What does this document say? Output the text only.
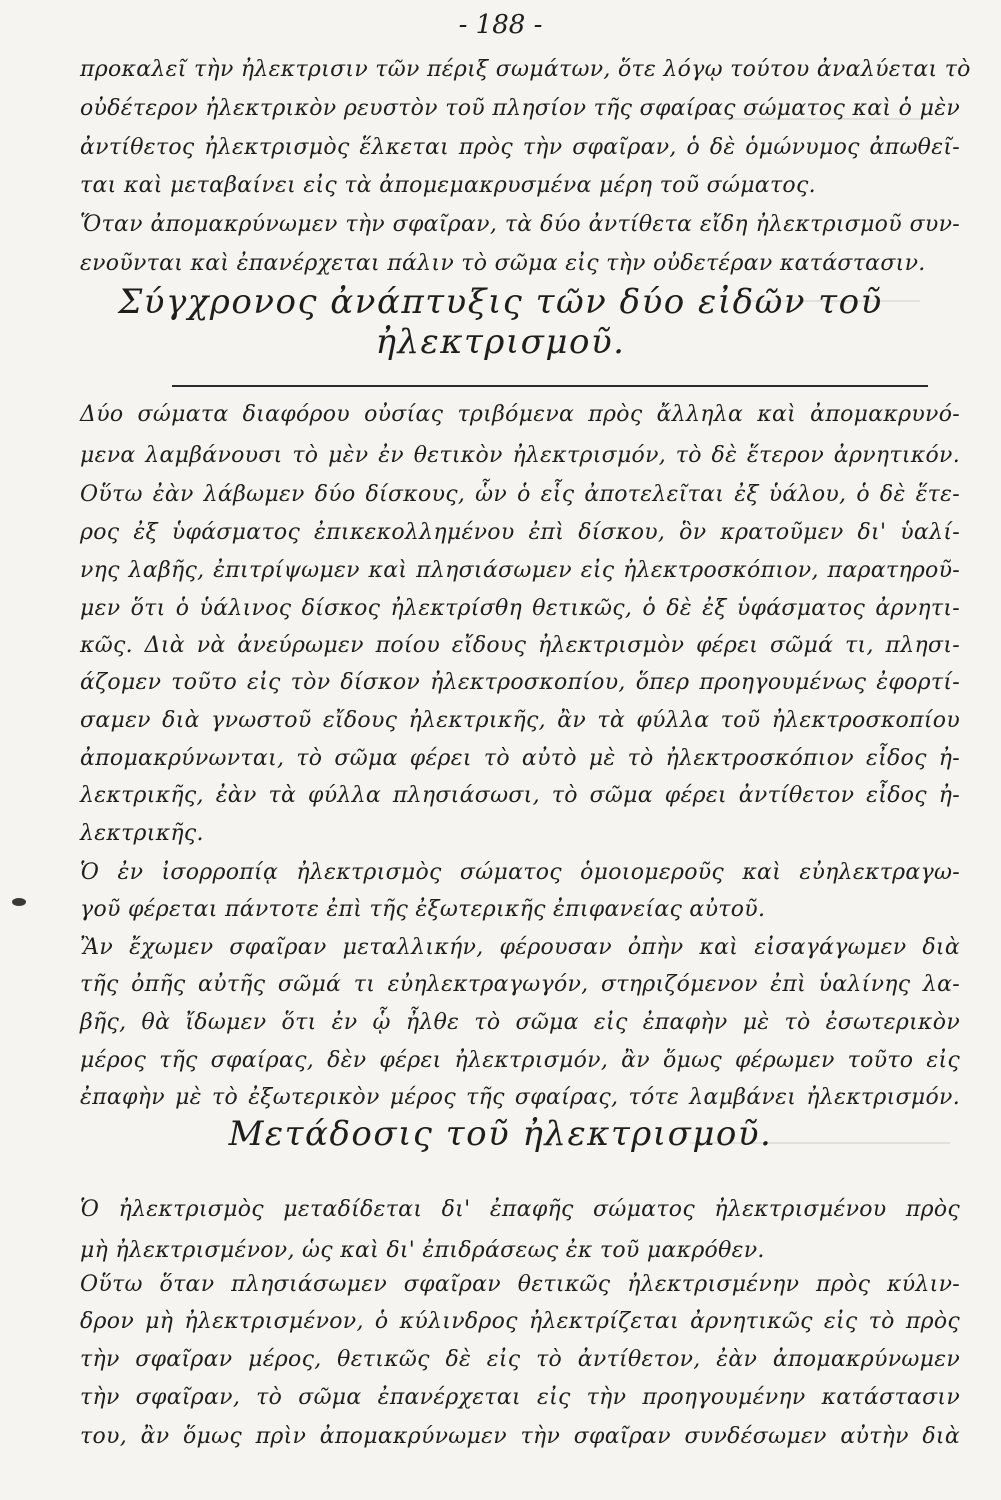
- 188 -
προκαλεῖ τὴν ἠλεκτρισιν τῶν πέριξ σωμάτων, ὅτε λόγῳ τούτου ἀναλύεται τὸ
οὐδέτερον ἠλεκτρικὸν ρευστὸν τοῦ πλησίον τῆς σφαίρας σώματος καὶ ὁ μὲν
ἀντίθετος ἠλεκτρισμὸς ἕλκεται πρὸς τὴν σφαῖραν, ὁ δὲ ὁμώνυμος ἀπωθεῖ-
ται καὶ μεταβαίνει εἰς τὰ ἀπομεμακρυσμένα μέρη τοῦ σώματος.
Ὅταν ἀπομακρύνωμεν τὴν σφαῖραν, τὰ δύο ἀντίθετα εἴδη ἠλεκτρισμοῦ συν-
ενοῦνται καὶ ἐπανέρχεται πάλιν τὸ σῶμα εἰς τὴν οὐδετέραν κατάστασιν.
Σύγχρονος ἀνάπτυξις τῶν δύο εἰδῶν τοῦ
ἠλεκτρισμοῦ.
Δύο σώματα διαφόρου οὐσίας τριβόμενα πρὸς ἄλληλα καὶ ἀπομακρυνό-
μενα λαμβάνουσι τὸ μὲν ἐν θετικὸν ἠλεκτρισμόν, τὸ δὲ ἕτερον ἀρνητικόν.
Οὕτω ἐὰν λάβωμεν δύο δίσκους, ὧν ὁ εἷς ἀποτελεῖται ἐξ ὑάλου, ὁ δὲ ἕτε-
ρος ἐξ ὑφάσματος ἐπικεκολλημένου ἐπὶ δίσκου, ὃν κρατοῦμεν δι' ὑαλί-
νης λαβῆς, ἐπιτρίψωμεν καὶ πλησιάσωμεν εἰς ἠλεκτροσκόπιον, παρατηροῦ-
μεν ὅτι ὁ ὑάλινος δίσκος ἠλεκτρίσθη θετικῶς, ὁ δὲ ἐξ ὑφάσματος ἀρνητι-
κῶς. Διὰ νὰ ἀνεύρωμεν ποίου εἴδους ἠλεκτρισμὸν φέρει σῶμά τι, πλησι-
άζομεν τοῦτο εἰς τὸν δίσκον ἠλεκτροσκοπίου, ὅπερ προηγουμένως ἐφορτί-
σαμεν διὰ γνωστοῦ εἴδους ἠλεκτρικῆς, ἂν τὰ φύλλα τοῦ ἠλεκτροσκοπίου
ἀπομακρύνωνται, τὸ σῶμα φέρει τὸ αὐτὸ μὲ τὸ ἠλεκτροσκόπιον εἶδος ἠ-
λεκτρικῆς, ἐὰν τὰ φύλλα πλησιάσωσι, τὸ σῶμα φέρει ἀντίθετον εἶδος ἠ-
λεκτρικῆς.
Ὁ ἐν ἰσορροπίᾳ ἠλεκτρισμὸς σώματος ὁμοιομεροῦς καὶ εὐηλεκτραγω-
γοῦ φέρεται πάντοτε ἐπὶ τῆς ἐξωτερικῆς ἐπιφανείας αὐτοῦ.
Ἂν ἔχωμεν σφαῖραν μεταλλικήν, φέρουσαν ὀπὴν καὶ εἰσαγάγωμεν διὰ
τῆς ὀπῆς αὐτῆς σῶμά τι εὐηλεκτραγωγόν, στηριζόμενον ἐπὶ ὑαλίνης λα-
βῆς, θὰ ἴδωμεν ὅτι ἐν ᾧ ἦλθε τὸ σῶμα εἰς ἐπαφὴν μὲ τὸ ἐσωτερικὸν
μέρος τῆς σφαίρας, δὲν φέρει ἠλεκτρισμόν, ἂν ὅμως φέρωμεν τοῦτο εἰς
ἐπαφὴν μὲ τὸ ἐξωτερικὸν μέρος τῆς σφαίρας, τότε λαμβάνει ἠλεκτρισμόν.
Μετάδοσις τοῦ ἠλεκτρισμοῦ.
Ὁ ἠλεκτρισμὸς μεταδίδεται δι' ἐπαφῆς σώματος ἠλεκτρισμένου πρὸς
μὴ ἠλεκτρισμένον, ὡς καὶ δι' ἐπιδράσεως ἐκ τοῦ μακρόθεν.
Οὕτω ὅταν πλησιάσωμεν σφαῖραν θετικῶς ἠλεκτρισμένην πρὸς κύλιν-
δρον μὴ ἠλεκτρισμένον, ὁ κύλινδρος ἠλεκτρίζεται ἀρνητικῶς εἰς τὸ πρὸς
τὴν σφαῖραν μέρος, θετικῶς δὲ εἰς τὸ ἀντίθετον, ἐὰν ἀπομακρύνωμεν
τὴν σφαῖραν, τὸ σῶμα ἐπανέρχεται εἰς τὴν προηγουμένην κατάστασιν
του, ἂν ὅμως πρὶν ἀπομακρύνωμεν τὴν σφαῖραν συνδέσωμεν αὐτὴν διὰ
